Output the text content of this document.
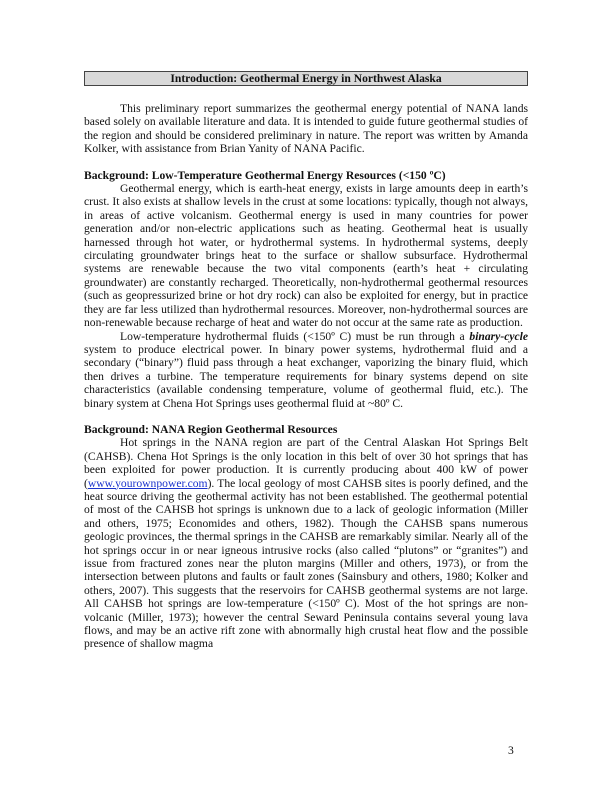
Introduction: Geothermal Energy in Northwest Alaska

This preliminary report summarizes the geothermal energy potential of NANA lands based solely on available literature and data. It is intended to guide future geothermal studies of the region and should be considered preliminary in nature. The report was written by Amanda Kolker, with assistance from Brian Yanity of NANA Pacific.

Background: Low-Temperature Geothermal Energy Resources (<150 ºC)

Geothermal energy, which is earth-heat energy, exists in large amounts deep in earth’s crust. It also exists at shallow levels in the crust at some locations: typically, though not always, in areas of active volcanism. Geothermal energy is used in many countries for power generation and/or non-electric applications such as heating. Geothermal heat is usually harnessed through hot water, or hydrothermal systems. In hydrothermal systems, deeply circulating groundwater brings heat to the surface or shallow subsurface. Hydrothermal systems are renewable because the two vital components (earth’s heat + circulating groundwater) are constantly recharged. Theoretically, non-hydrothermal geothermal resources (such as geopressurized brine or hot dry rock) can also be exploited for energy, but in practice they are far less utilized than hydrothermal resources. Moreover, non-hydrothermal sources are non-renewable because recharge of heat and water do not occur at the same rate as production.

Low-temperature hydrothermal fluids (<150º C) must be run through a binary-cycle system to produce electrical power. In binary power systems, hydrothermal fluid and a secondary (“binary”) fluid pass through a heat exchanger, vaporizing the binary fluid, which then drives a turbine. The temperature requirements for binary systems depend on site characteristics (available condensing temperature, volume of geothermal fluid, etc.). The binary system at Chena Hot Springs uses geothermal fluid at ~80º C.

Background: NANA Region Geothermal Resources

Hot springs in the NANA region are part of the Central Alaskan Hot Springs Belt (CAHSB). Chena Hot Springs is the only location in this belt of over 30 hot springs that has been exploited for power production. It is currently producing about 400 kW of power (www.yourownpower.com). The local geology of most CAHSB sites is poorly defined, and the heat source driving the geothermal activity has not been established. The geothermal potential of most of the CAHSB hot springs is unknown due to a lack of geologic information (Miller and others, 1975; Economides and others, 1982). Though the CAHSB spans numerous geologic provinces, the thermal springs in the CAHSB are remarkably similar. Nearly all of the hot springs occur in or near igneous intrusive rocks (also called “plutons” or “granites”) and issue from fractured zones near the pluton margins (Miller and others, 1973), or from the intersection between plutons and faults or fault zones (Sainsbury and others, 1980; Kolker and others, 2007). This suggests that the reservoirs for CAHSB geothermal systems are not large. All CAHSB hot springs are low-temperature (<150º C). Most of the hot springs are non-volcanic (Miller, 1973); however the central Seward Peninsula contains several young lava flows, and may be an active rift zone with abnormally high crustal heat flow and the possible presence of shallow magma

3
